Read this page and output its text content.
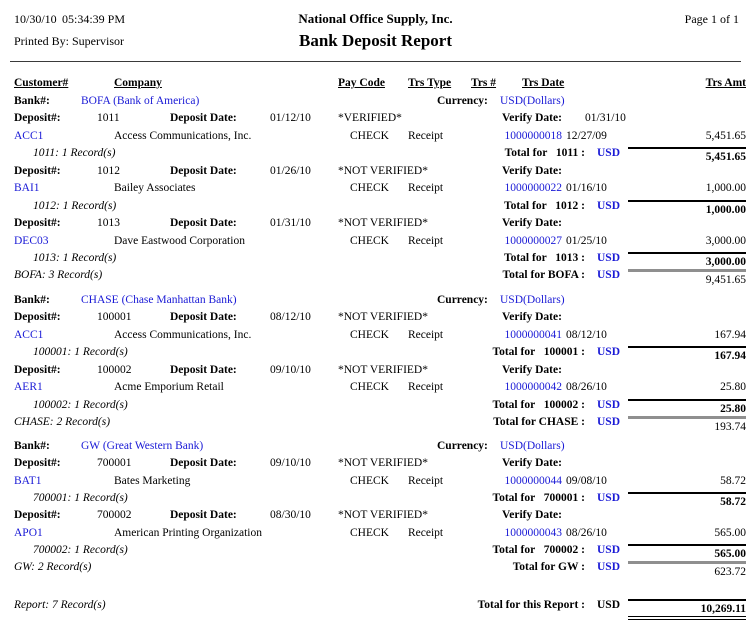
10/30/10 05:34:39 PM	National Office Supply, Inc.	Page 1 of 1
Printed By: Supervisor	Bank Deposit Report
Customer#	Company	Pay Code Trs Type Trs # Trs Date	Trs Amt
Bank#:	BOFA (Bank of America)	Currency: USD(Dollars)
Deposit#:	1011	Deposit Date:	01/12/10 *VERIFIED*	Verify Date: 01/31/10
ACC1	Access Communications, Inc.	CHECK Receipt	1000000018 12/27/09	5,451.65
1011: 1 Record(s)	Total for   1011 : USD	5,451.65
Deposit#:	1012	Deposit Date:	01/26/10 *NOT VERIFIED*	Verify Date:
BAI1	Bailey Associates	CHECK Receipt	1000000022 01/16/10	1,000.00
1012: 1 Record(s)	Total for   1012 : USD	1,000.00
Deposit#:	1013	Deposit Date:	01/31/10 *NOT VERIFIED*	Verify Date:
DEC03	Dave Eastwood Corporation	CHECK Receipt	1000000027 01/25/10	3,000.00
1013: 1 Record(s)	Total for   1013 : USD	3,000.00
BOFA: 3 Record(s)	Total for BOFA : USD	9,451.65
Bank#:	CHASE (Chase Manhattan Bank)	Currency: USD(Dollars)
Deposit#:	100001	Deposit Date:	08/12/10 *NOT VERIFIED*	Verify Date:
ACC1	Access Communications, Inc.	CHECK Receipt	1000000041 08/12/10	167.94
100001: 1 Record(s)	Total for   100001 : USD	167.94
Deposit#:	100002	Deposit Date:	09/10/10 *NOT VERIFIED*	Verify Date:
AER1	Acme Emporium Retail	CHECK Receipt	1000000042 08/26/10	25.80
100002: 1 Record(s)	Total for   100002 : USD	25.80
CHASE: 2 Record(s)	Total for CHASE : USD	193.74
Bank#:	GW (Great Western Bank)	Currency: USD(Dollars)
Deposit#:	700001	Deposit Date:	09/10/10 *NOT VERIFIED*	Verify Date:
BAT1	Bates Marketing	CHECK Receipt	1000000044 09/08/10	58.72
700001: 1 Record(s)	Total for   700001 : USD	58.72
Deposit#:	700002	Deposit Date:	08/30/10 *NOT VERIFIED*	Verify Date:
APO1	American Printing Organization	CHECK Receipt	1000000043 08/26/10	565.00
700002: 1 Record(s)	Total for   700002 : USD	565.00
GW: 2 Record(s)	Total for GW : USD	623.72
Report: 7 Record(s)	Total for this Report : USD	10,269.11
